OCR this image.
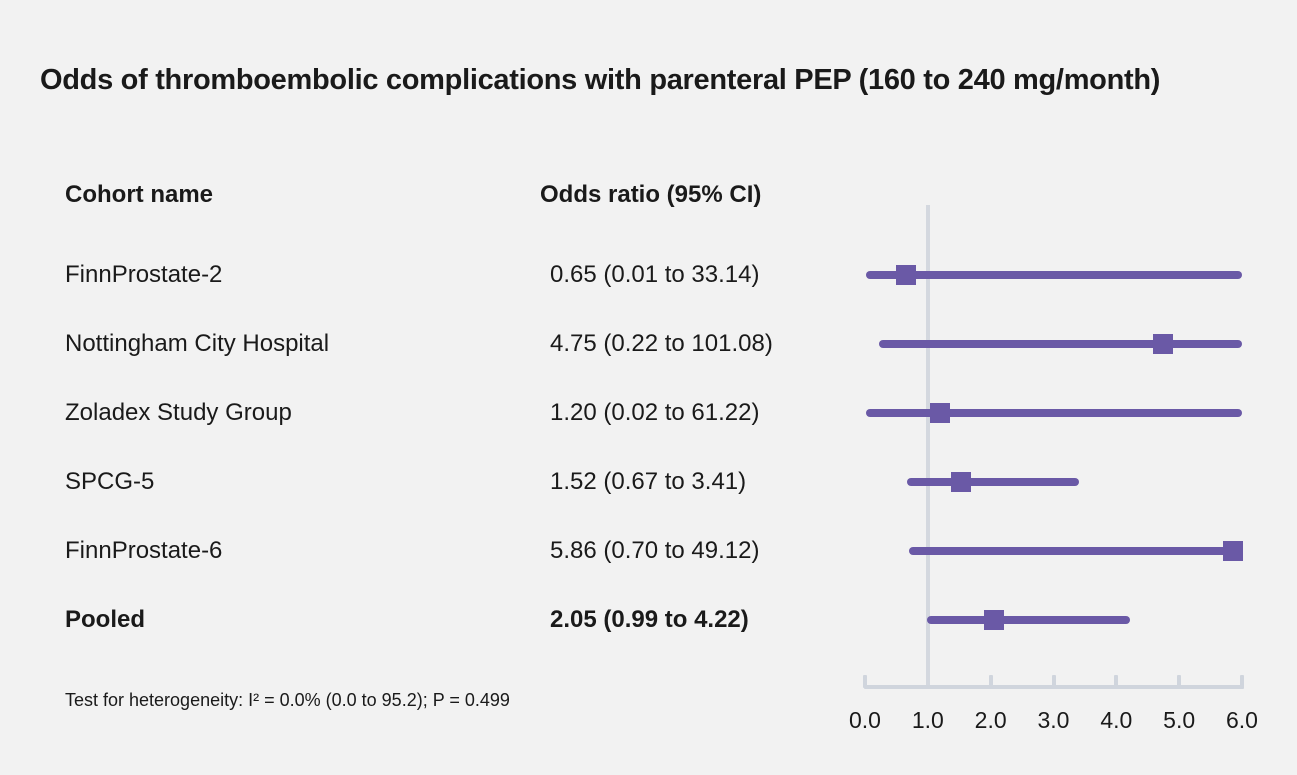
Odds of thromboembolic complications with parenteral PEP (160 to 240 mg/month)
Cohort name	Odds ratio (95% CI)
FinnProstate-2	0.65 (0.01 to 33.14)
Nottingham City Hospital	4.75 (0.22 to 101.08)
Zoladex Study Group	1.20 (0.02 to 61.22)
SPCG-5	1.52 (0.67 to 3.41)
FinnProstate-6	5.86 (0.70 to 49.12)
Pooled	2.05 (0.99 to 4.22)
Test for heterogeneity: I² = 0.0% (0.0 to 95.2); P = 0.499
0.0	1.0	2.0	3.0	4.0	5.0	6.0
